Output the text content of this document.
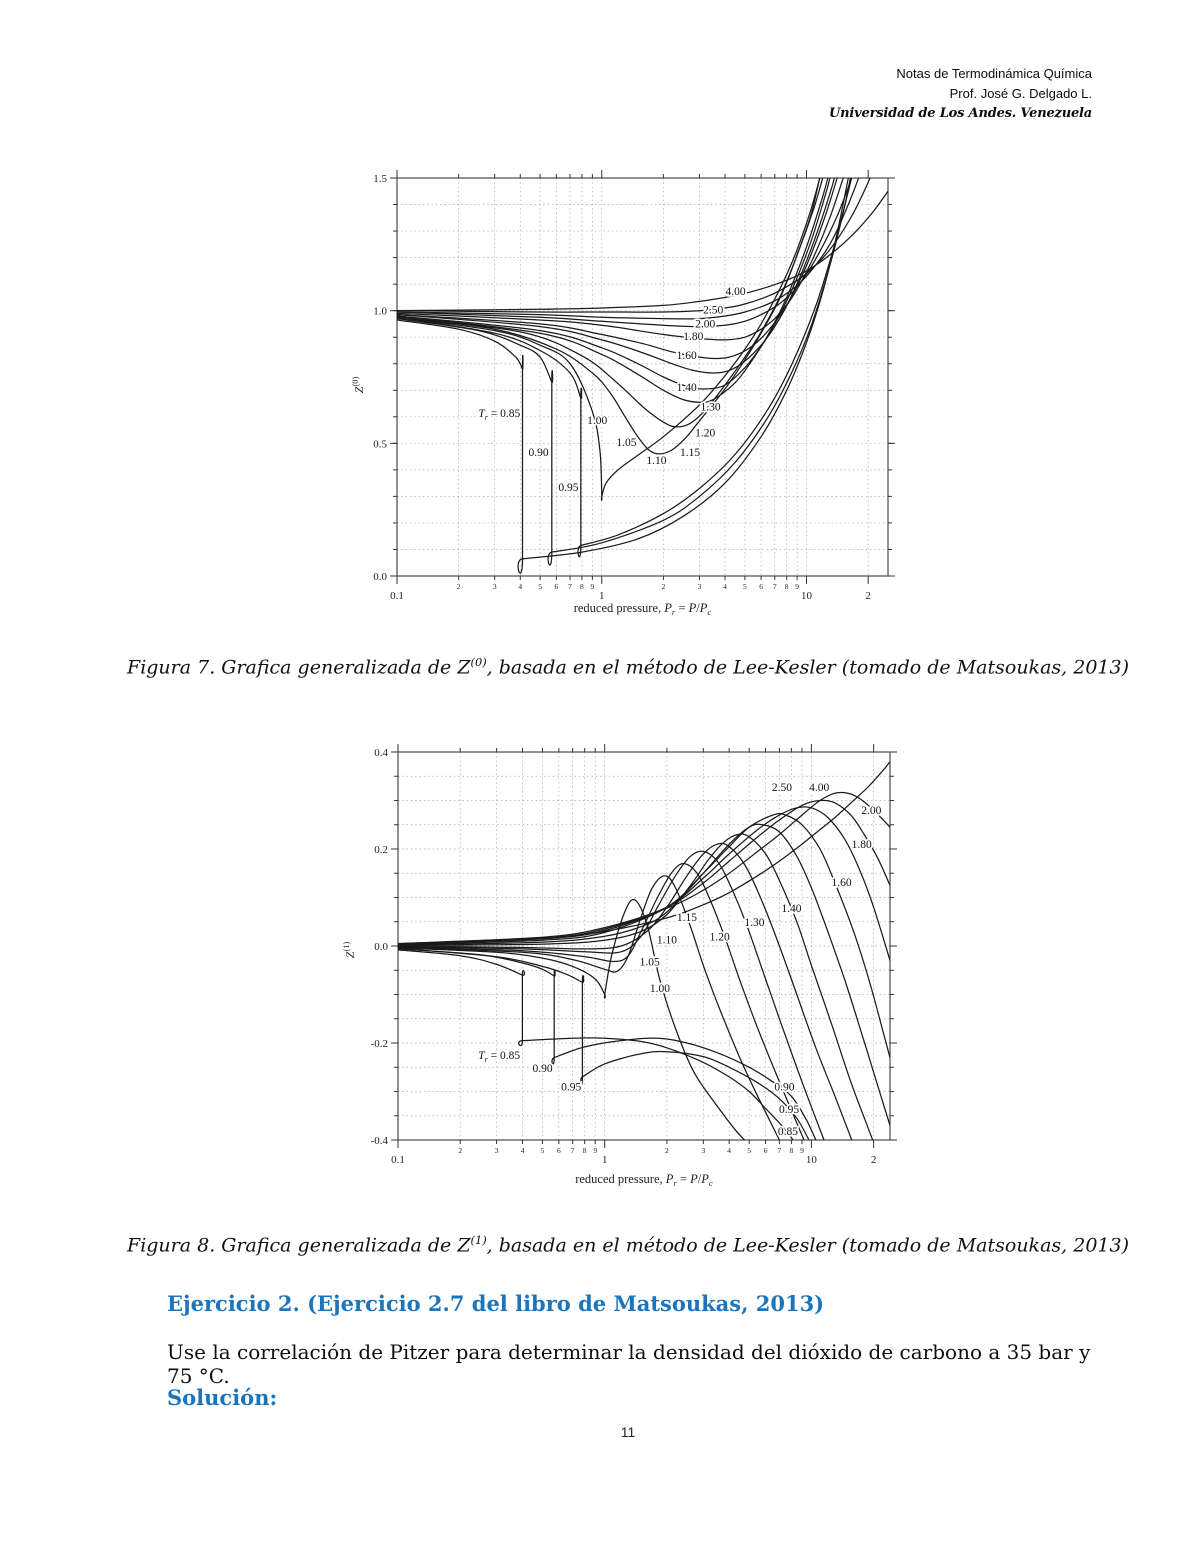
Notas de Termodinámica Química
Prof. José G. Delgado L.
Universidad de Los Andes. Venezuela
2	3	4 5 6 7 8 9	2	3	4 5 6 7 8 9
0.1	1	10	2
0.0
0.5
1.0
1.5
4.00
2.50
2.00
1.80
1.60
1.40
1.30
1.20
1.15
1.10
1.05
1.00
0.95
0.90
$T_r = 0.85$
reduced pressure, $P_r = P/P_c$
$Z^{(0)}$

Figura 7. Grafica generalizada de $Z^{(0)}$, basada en el método de Lee-Kesler (tomado de Matsoukas, 2013)

2	3	4 5 6 7 8 9	2	3	4 5 6 7 8 9
0.1	1	10	2
-0.4
-0.2
0.0
0.2
0.4
2.50 4.00
2.00
1.80
1.60
1.40
1.30
1.20
1.15
1.10
1.05
1.00
$T_r = 0.85$
0.90
0.95	0.90
0.95
0.85
reduced pressure, $P_r = P/P_c$
$Z^{(1)}$

Figura 8. Grafica generalizada de $Z^{(1)}$, basada en el método de Lee-Kesler (tomado de Matsoukas, 2013)

Ejercicio 2. (Ejercicio 2.7 del libro de Matsoukas, 2013)
Use la correlación de Pitzer para determinar la densidad del dióxido de carbono a 35 bar y 75 °C.
Solución:
11
